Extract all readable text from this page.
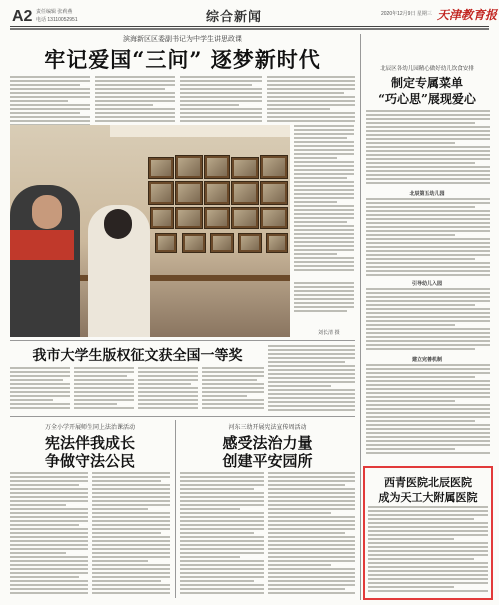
A2 责任编辑 张莉燕
电话 13110052951	综合新闻	2020年12月9日 星期三 天津教育报
滨海新区区委副书记为中学生讲思政课
牢记爱国“三问” 逐梦新时代
刘长清 摄
我市大学生版权征文获全国一等奖
万全小学开展师生同上法治课活动
宪法伴我成长
争做守法公民
河东三幼开展宪法宣传周活动
感受法治力量
创建平安园所
北辰区各幼儿园精心做好幼儿饮食安排
制定专属菜单
“巧心思”展现爱心
北辰第五幼儿园
引导幼儿入园
建立完善机制
西青医院北辰医院
成为天工大附属医院
